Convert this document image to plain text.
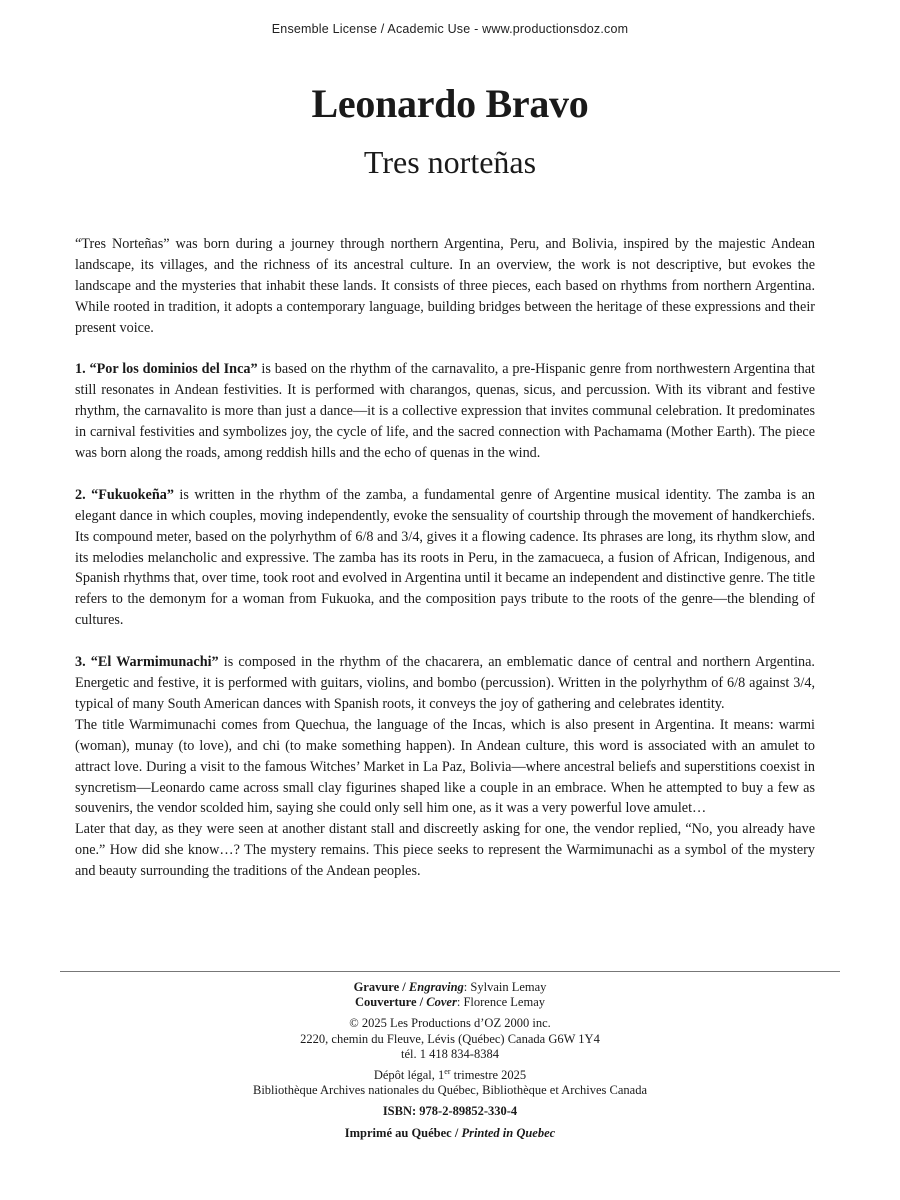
Ensemble License / Academic Use - www.productionsdoz.com
Leonardo Bravo
Tres norteñas

“Tres Norteñas” was born during a journey through northern Argentina, Peru, and Bolivia, inspired by the majestic Andean landscape, its villages, and the richness of its ancestral culture. In an overview, the work is not descriptive, but evokes the landscape and the mysteries that inhabit these lands. It consists of three pieces, each based on rhythms from northern Argentina. While rooted in tradition, it adopts a contemporary language, building bridges between the heritage of these expressions and their present voice.

1. “Por los dominios del Inca” is based on the rhythm of the carnavalito, a pre-Hispanic genre from northwestern Argentina that still resonates in Andean festivities. It is performed with charangos, quenas, sicus, and percussion. With its vibrant and festive rhythm, the carnavalito is more than just a dance—it is a collective expression that invites communal celebration. It predominates in carnival festivities and symbolizes joy, the cycle of life, and the sacred connection with Pachamama (Mother Earth). The piece was born along the roads, among reddish hills and the echo of quenas in the wind.

2. “Fukuokeña” is written in the rhythm of the zamba, a fundamental genre of Argentine musical identity. The zamba is an elegant dance in which couples, moving independently, evoke the sensuality of courtship through the movement of handkerchiefs. Its compound meter, based on the polyrhythm of 6/8 and 3/4, gives it a flowing cadence. Its phrases are long, its rhythm slow, and its melodies melancholic and expressive. The zamba has its roots in Peru, in the zamacueca, a fusion of African, Indigenous, and Spanish rhythms that, over time, took root and evolved in Argentina until it became an independent and distinctive genre. The title refers to the demonym for a woman from Fukuoka, and the composition pays tribute to the roots of the genre—the blending of cultures.

3. “El Warmimunachi” is composed in the rhythm of the chacarera, an emblematic dance of central and northern Argentina. Energetic and festive, it is performed with guitars, violins, and bombo (percussion). Written in the polyrhythm of 6/8 against 3/4, typical of many South American dances with Spanish roots, it conveys the joy of gathering and celebrates identity.

The title Warmimunachi comes from Quechua, the language of the Incas, which is also present in Argentina. It means: warmi (woman), munay (to love), and chi (to make something happen). In Andean culture, this word is associated with an amulet to attract love. During a visit to the famous Witches’ Market in La Paz, Bolivia—where ancestral beliefs and superstitions coexist in syncretism—Leonardo came across small clay figurines shaped like a couple in an embrace. When he attempted to buy a few as souvenirs, the vendor scolded him, saying she could only sell him one, as it was a very powerful love amulet…

Later that day, as they were seen at another distant stall and discreetly asking for one, the vendor replied, “No, you already have one.” How did she know…? The mystery remains. This piece seeks to represent the Warmimunachi as a symbol of the mystery and beauty surrounding the traditions of the Andean peoples.

Gravure / Engraving: Sylvain Lemay
Couverture / Cover: Florence Lemay
© 2025 Les Productions d’OZ 2000 inc.
2220, chemin du Fleuve, Lévis (Québec) Canada G6W 1Y4
tél. 1 418 834-8384
Dépôt légal, 1er trimestre 2025
Bibliothèque Archives nationales du Québec, Bibliothèque et Archives Canada
ISBN: 978-2-89852-330-4
Imprimé au Québec / Printed in Quebec
